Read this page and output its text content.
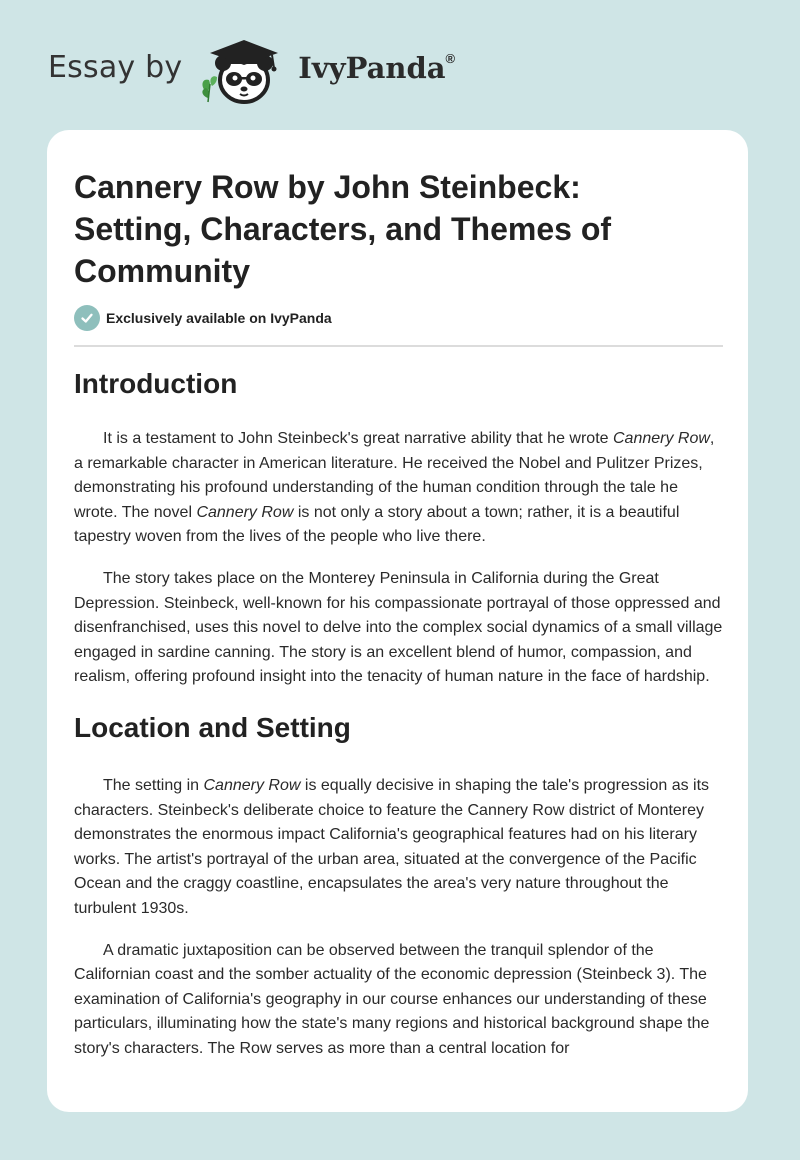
Essay by	IvyPanda®
Cannery Row by John Steinbeck: Setting, Characters, and Themes of Community
Exclusively available on IvyPanda
Introduction

It is a testament to John Steinbeck's great narrative ability that he wrote Cannery Row, a remarkable character in American literature. He received the Nobel and Pulitzer Prizes, demonstrating his profound understanding of the human condition through the tale he wrote. The novel Cannery Row is not only a story about a town; rather, it is a beautiful tapestry woven from the lives of the people who live there.

The story takes place on the Monterey Peninsula in California during the Great Depression. Steinbeck, well-known for his compassionate portrayal of those oppressed and disenfranchised, uses this novel to delve into the complex social dynamics of a small village engaged in sardine canning. The story is an excellent blend of humor, compassion, and realism, offering profound insight into the tenacity of human nature in the face of hardship.

Location and Setting

The setting in Cannery Row is equally decisive in shaping the tale's progression as its characters. Steinbeck's deliberate choice to feature the Cannery Row district of Monterey demonstrates the enormous impact California's geographical features had on his literary works. The artist's portrayal of the urban area, situated at the convergence of the Pacific Ocean and the craggy coastline, encapsulates the area's very nature throughout the turbulent 1930s.

A dramatic juxtaposition can be observed between the tranquil splendor of the Californian coast and the somber actuality of the economic depression (Steinbeck 3). The examination of California's geography in our course enhances our understanding of these particulars, illuminating how the state's many regions and historical background shape the story's characters. The Row serves as more than a central location for
